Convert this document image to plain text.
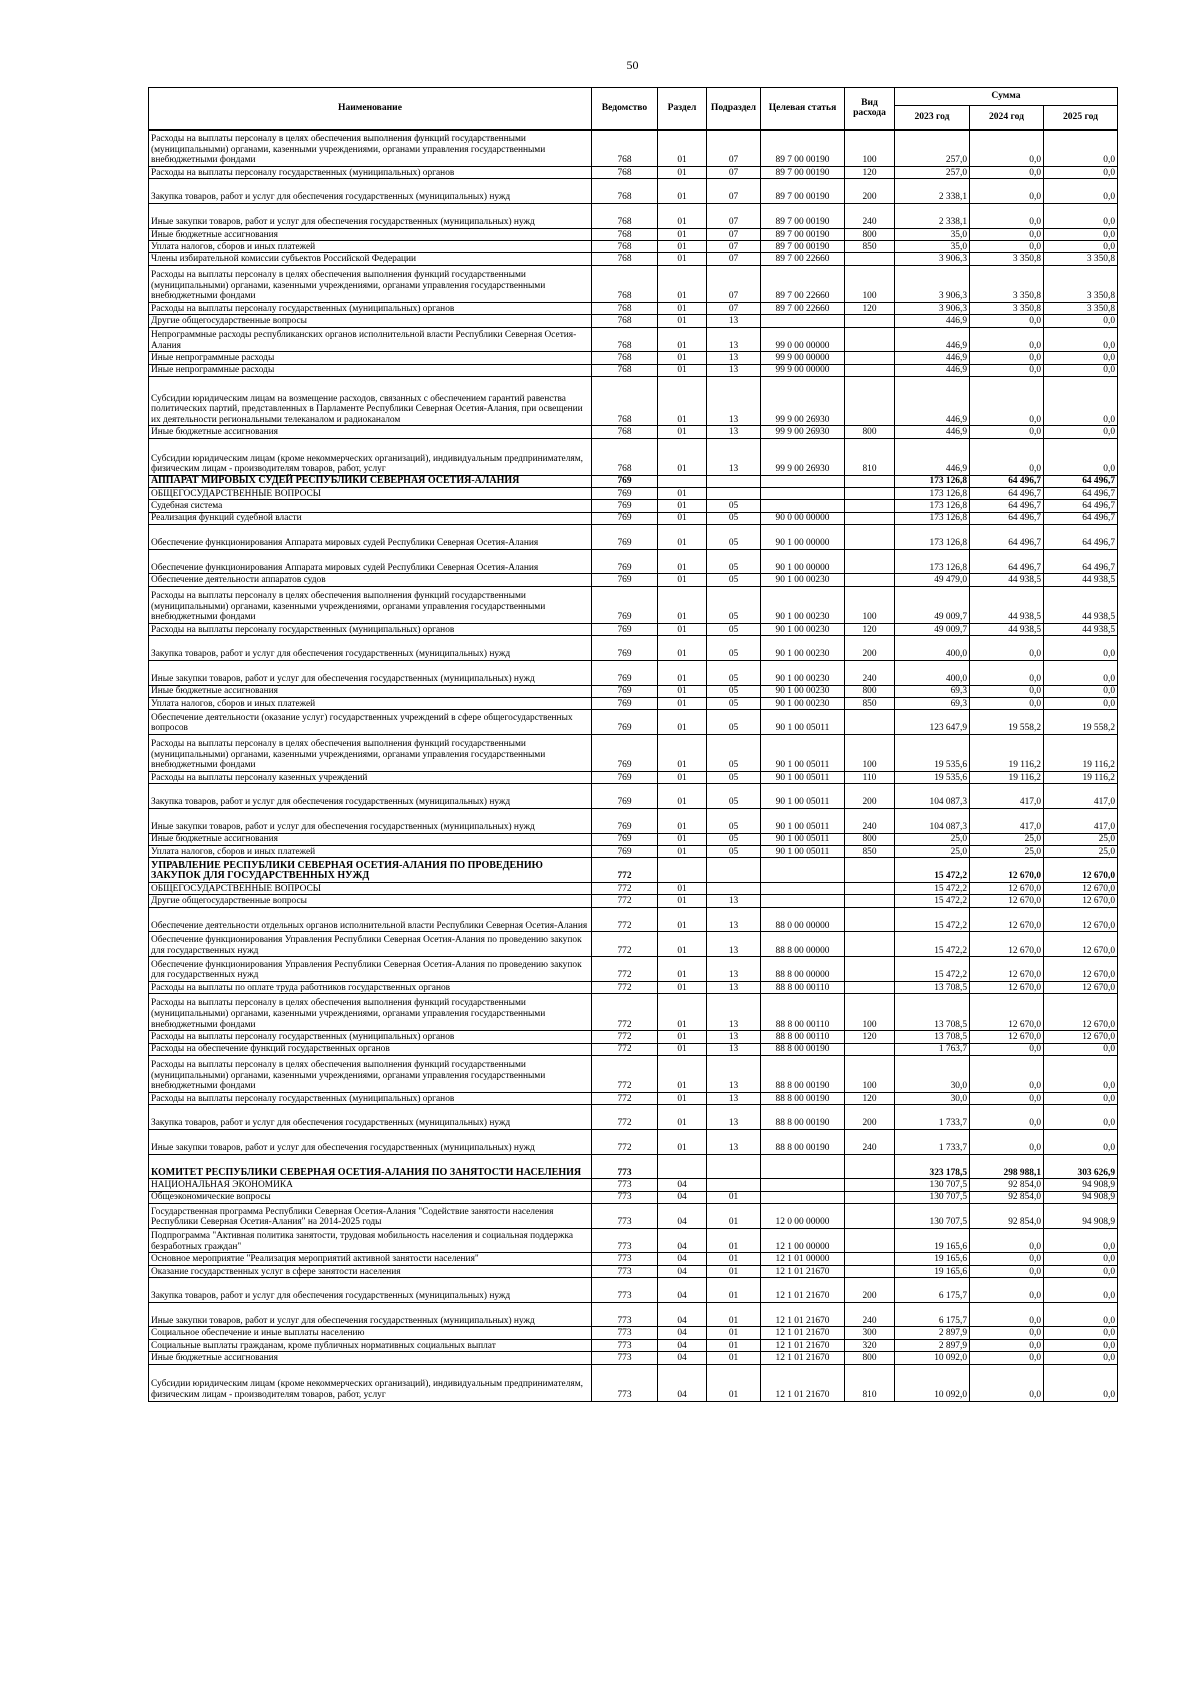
50
Наименование	Ведомство	Раздел	Подраздел	Целевая статья	Вид расхода	Сумма		
						2023 год	2024 год	2025 год
Расходы на выплаты персоналу в целях обеспечения выполнения функций государственными (муниципальными) органами, казенными учреждениями, органами управления государственными внебюджетными фондами	768	01	07	89 7 00 00190	100	257,0	0,0	0,0
Расходы на выплаты персоналу государственных (муниципальных) органов	768	01	07	89 7 00 00190	120	257,0	0,0	0,0
Закупка товаров, работ и услуг для обеспечения государственных (муниципальных) нужд	768	01	07	89 7 00 00190	200	2 338,1	0,0	0,0
Иные закупки товаров, работ и услуг для обеспечения государственных (муниципальных) нужд	768	01	07	89 7 00 00190	240	2 338,1	0,0	0,0
Иные бюджетные ассигнования	768	01	07	89 7 00 00190	800	35,0	0,0	0,0
Уплата налогов, сборов и иных платежей	768	01	07	89 7 00 00190	850	35,0	0,0	0,0
Члены избирательной комиссии субъектов Российской Федерации	768	01	07	89 7 00 22660		3 906,3	3 350,8	3 350,8
Расходы на выплаты персоналу в целях обеспечения выполнения функций государственными (муниципальными) органами, казенными учреждениями, органами управления государственными внебюджетными фондами	768	01	07	89 7 00 22660	100	3 906,3	3 350,8	3 350,8
Расходы на выплаты персоналу государственных (муниципальных) органов	768	01	07	89 7 00 22660	120	3 906,3	3 350,8	3 350,8
Другие общегосударственные вопросы	768	01	13			446,9	0,0	0,0
Непрограммные расходы республиканских органов исполнительной власти Республики Северная Осетия-Алания	768	01	13	99 0 00 00000		446,9	0,0	0,0
Иные непрограммные расходы	768	01	13	99 9 00 00000		446,9	0,0	0,0
Иные непрограммные расходы	768	01	13	99 9 00 00000		446,9	0,0	0,0
Субсидии юридическим лицам на возмещение расходов, связанных с обеспечением гарантий равенства политических партий, представленных в Парламенте Республики Северная Осетия-Алания, при освещении их деятельности региональными телеканалом и радиоканалом	768	01	13	99 9 00 26930		446,9	0,0	0,0
Иные бюджетные ассигнования	768	01	13	99 9 00 26930	800	446,9	0,0	0,0
Субсидии юридическим лицам (кроме некоммерческих организаций), индивидуальным предпринимателям, физическим лицам - производителям товаров, работ, услуг	768	01	13	99 9 00 26930	810	446,9	0,0	0,0
АППАРАТ МИРОВЫХ СУДЕЙ РЕСПУБЛИКИ СЕВЕРНАЯ ОСЕТИЯ-АЛАНИЯ	769					173 126,8	64 496,7	64 496,7
ОБЩЕГОСУДАРСТВЕННЫЕ ВОПРОСЫ	769	01				173 126,8	64 496,7	64 496,7
Судебная система	769	01	05			173 126,8	64 496,7	64 496,7
Реализация функций судебной власти	769	01	05	90 0 00 00000		173 126,8	64 496,7	64 496,7
Обеспечение функционирования Аппарата мировых судей Республики Северная Осетия-Алания	769	01	05	90 1 00 00000		173 126,8	64 496,7	64 496,7
Обеспечение функционирования Аппарата мировых судей Республики Северная Осетия-Алания	769	01	05	90 1 00 00000		173 126,8	64 496,7	64 496,7
Обеспечение деятельности аппаратов судов	769	01	05	90 1 00 00230		49 479,0	44 938,5	44 938,5
Расходы на выплаты персоналу в целях обеспечения выполнения функций государственными (муниципальными) органами, казенными учреждениями, органами управления государственными внебюджетными фондами	769	01	05	90 1 00 00230	100	49 009,7	44 938,5	44 938,5
Расходы на выплаты персоналу государственных (муниципальных) органов	769	01	05	90 1 00 00230	120	49 009,7	44 938,5	44 938,5
Закупка товаров, работ и услуг для обеспечения государственных (муниципальных) нужд	769	01	05	90 1 00 00230	200	400,0	0,0	0,0
Иные закупки товаров, работ и услуг для обеспечения государственных (муниципальных) нужд	769	01	05	90 1 00 00230	240	400,0	0,0	0,0
Иные бюджетные ассигнования	769	01	05	90 1 00 00230	800	69,3	0,0	0,0
Уплата налогов, сборов и иных платежей	769	01	05	90 1 00 00230	850	69,3	0,0	0,0
Обеспечение деятельности (оказание услуг) государственных учреждений в сфере общегосударственных вопросов	769	01	05	90 1 00 05011		123 647,9	19 558,2	19 558,2
Расходы на выплаты персоналу в целях обеспечения выполнения функций государственными (муниципальными) органами, казенными учреждениями, органами управления государственными внебюджетными фондами	769	01	05	90 1 00 05011	100	19 535,6	19 116,2	19 116,2
Расходы на выплаты персоналу казенных учреждений	769	01	05	90 1 00 05011	110	19 535,6	19 116,2	19 116,2
Закупка товаров, работ и услуг для обеспечения государственных (муниципальных) нужд	769	01	05	90 1 00 05011	200	104 087,3	417,0	417,0
Иные закупки товаров, работ и услуг для обеспечения государственных (муниципальных) нужд	769	01	05	90 1 00 05011	240	104 087,3	417,0	417,0
Иные бюджетные ассигнования	769	01	05	90 1 00 05011	800	25,0	25,0	25,0
Уплата налогов, сборов и иных платежей	769	01	05	90 1 00 05011	850	25,0	25,0	25,0
УПРАВЛЕНИЕ РЕСПУБЛИКИ СЕВЕРНАЯ ОСЕТИЯ-АЛАНИЯ ПО ПРОВЕДЕНИЮ ЗАКУПОК ДЛЯ ГОСУДАРСТВЕННЫХ НУЖД	772					15 472,2	12 670,0	12 670,0
ОБЩЕГОСУДАРСТВЕННЫЕ ВОПРОСЫ	772	01				15 472,2	12 670,0	12 670,0
Другие общегосударственные вопросы	772	01	13			15 472,2	12 670,0	12 670,0
Обеспечение деятельности отдельных органов исполнительной власти Республики Северная Осетия-Алания	772	01	13	88 0 00 00000		15 472,2	12 670,0	12 670,0
Обеспечение функционирования Управления Республики Северная Осетия-Алания по проведению закупок для государственных нужд	772	01	13	88 8 00 00000		15 472,2	12 670,0	12 670,0
Обеспечение функционирования Управления Республики Северная Осетия-Алания по проведению закупок для государственных нужд	772	01	13	88 8 00 00000		15 472,2	12 670,0	12 670,0
Расходы на выплаты по оплате труда работников государственных органов	772	01	13	88 8 00 00110		13 708,5	12 670,0	12 670,0
Расходы на выплаты персоналу в целях обеспечения выполнения функций государственными (муниципальными) органами, казенными учреждениями, органами управления государственными внебюджетными фондами	772	01	13	88 8 00 00110	100	13 708,5	12 670,0	12 670,0
Расходы на выплаты персоналу государственных (муниципальных) органов	772	01	13	88 8 00 00110	120	13 708,5	12 670,0	12 670,0
Расходы на обеспечение функций государственных органов	772	01	13	88 8 00 00190		1 763,7	0,0	0,0
Расходы на выплаты персоналу в целях обеспечения выполнения функций государственными (муниципальными) органами, казенными учреждениями, органами управления государственными внебюджетными фондами	772	01	13	88 8 00 00190	100	30,0	0,0	0,0
Расходы на выплаты персоналу государственных (муниципальных) органов	772	01	13	88 8 00 00190	120	30,0	0,0	0,0
Закупка товаров, работ и услуг для обеспечения государственных (муниципальных) нужд	772	01	13	88 8 00 00190	200	1 733,7	0,0	0,0
Иные закупки товаров, работ и услуг для обеспечения государственных (муниципальных) нужд	772	01	13	88 8 00 00190	240	1 733,7	0,0	0,0
КОМИТЕТ РЕСПУБЛИКИ СЕВЕРНАЯ ОСЕТИЯ-АЛАНИЯ ПО ЗАНЯТОСТИ НАСЕЛЕНИЯ	773					323 178,5	298 988,1	303 626,9
НАЦИОНАЛЬНАЯ ЭКОНОМИКА	773	04				130 707,5	92 854,0	94 908,9
Общеэкономические вопросы	773	04	01			130 707,5	92 854,0	94 908,9
Государственная программа Республики Северная Осетия-Алания "Содействие занятости населения Республики Северная Осетия-Алания" на 2014-2025 годы	773	04	01	12 0 00 00000		130 707,5	92 854,0	94 908,9
Подпрограмма "Активная политика занятости, трудовая мобильность населения и социальная поддержка безработных граждан"	773	04	01	12 1 00 00000		19 165,6	0,0	0,0
Основное мероприятие "Реализация мероприятий активной занятости населения"	773	04	01	12 1 01 00000		19 165,6	0,0	0,0
Оказание государственных услуг в сфере занятости населения	773	04	01	12 1 01 21670		19 165,6	0,0	0,0
Закупка товаров, работ и услуг для обеспечения государственных (муниципальных) нужд	773	04	01	12 1 01 21670	200	6 175,7	0,0	0,0
Иные закупки товаров, работ и услуг для обеспечения государственных (муниципальных) нужд	773	04	01	12 1 01 21670	240	6 175,7	0,0	0,0
Социальное обеспечение и иные выплаты населению	773	04	01	12 1 01 21670	300	2 897,9	0,0	0,0
Социальные выплаты гражданам, кроме публичных нормативных социальных выплат	773	04	01	12 1 01 21670	320	2 897,9	0,0	0,0
Иные бюджетные ассигнования	773	04	01	12 1 01 21670	800	10 092,0	0,0	0,0
Субсидии юридическим лицам (кроме некоммерческих организаций), индивидуальным предпринимателям, физическим лицам - производителям товаров, работ, услуг	773	04	01	12 1 01 21670	810	10 092,0	0,0	0,0
